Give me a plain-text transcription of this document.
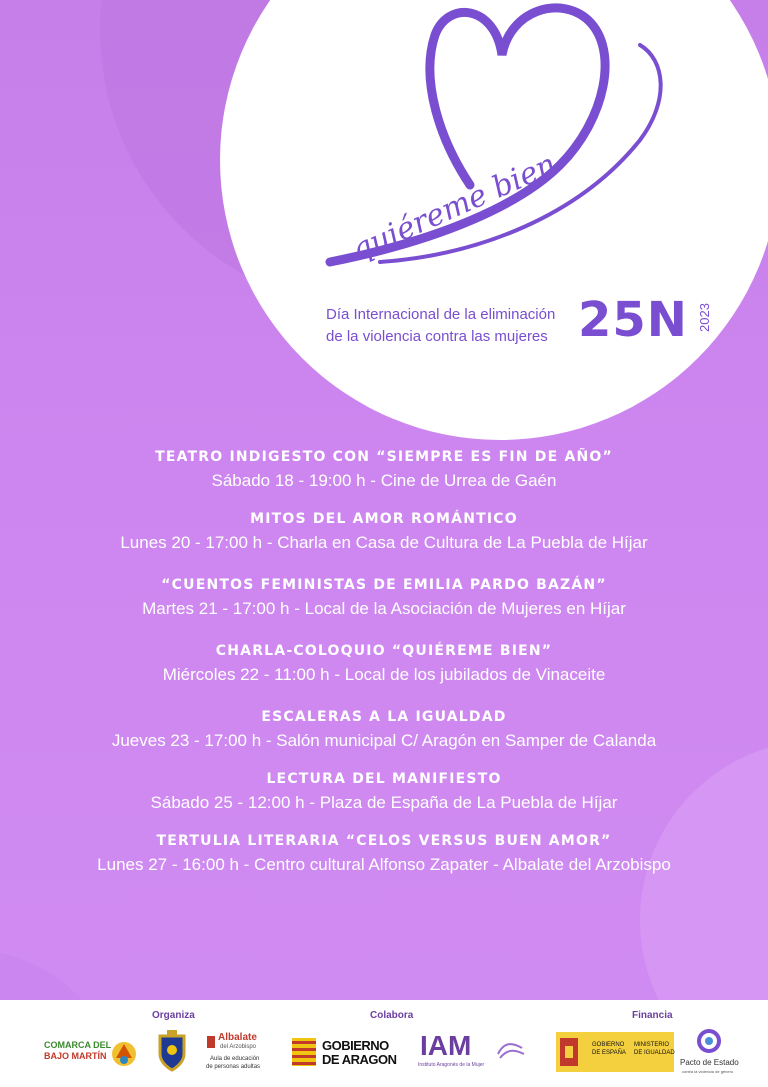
quiéreme bien
Día Internacional de la eliminación
de la violencia contra las mujeres 25N 2023
TEATRO INDIGESTO CON “SIEMPRE ES FIN DE AÑO”
Sábado 18 - 19:00 h - Cine de Urrea de Gaén
MITOS DEL AMOR ROMÁNTICO
Lunes 20 - 17:00 h - Charla en Casa de Cultura de La Puebla de Híjar
“CUENTOS FEMINISTAS DE EMILIA PARDO BAZÁN”
Martes 21 - 17:00 h - Local de la Asociación de Mujeres en Híjar
CHARLA-COLOQUIO “QUIÉREME BIEN”
Miércoles 22 - 11:00 h - Local de los jubilados de Vinaceite
ESCALERAS A LA IGUALDAD
Jueves 23 - 17:00 h - Salón municipal C/ Aragón en Samper de Calanda
LECTURA DEL MANIFIESTO
Sábado 25 - 12:00 h - Plaza de España de La Puebla de Híjar
TERTULIA LITERARIA “CELOS VERSUS BUEN AMOR”
Lunes 27 - 16:00 h - Centro cultural Alfonso Zapater - Albalate del Arzobispo
Organiza	Colabora	Financia
COMARCA DEL
BAJO MARTÍN
Albalate
del Arzobispo
Aula de educación
de personas adultas
GOBIERNO
DE ARAGON IAM
Instituto Aragonés de la Mujer
GOBIERNO
DE ESPAÑA
MINISTERIO
DE IGUALDAD
Pacto de Estado
contra la violencia de género
